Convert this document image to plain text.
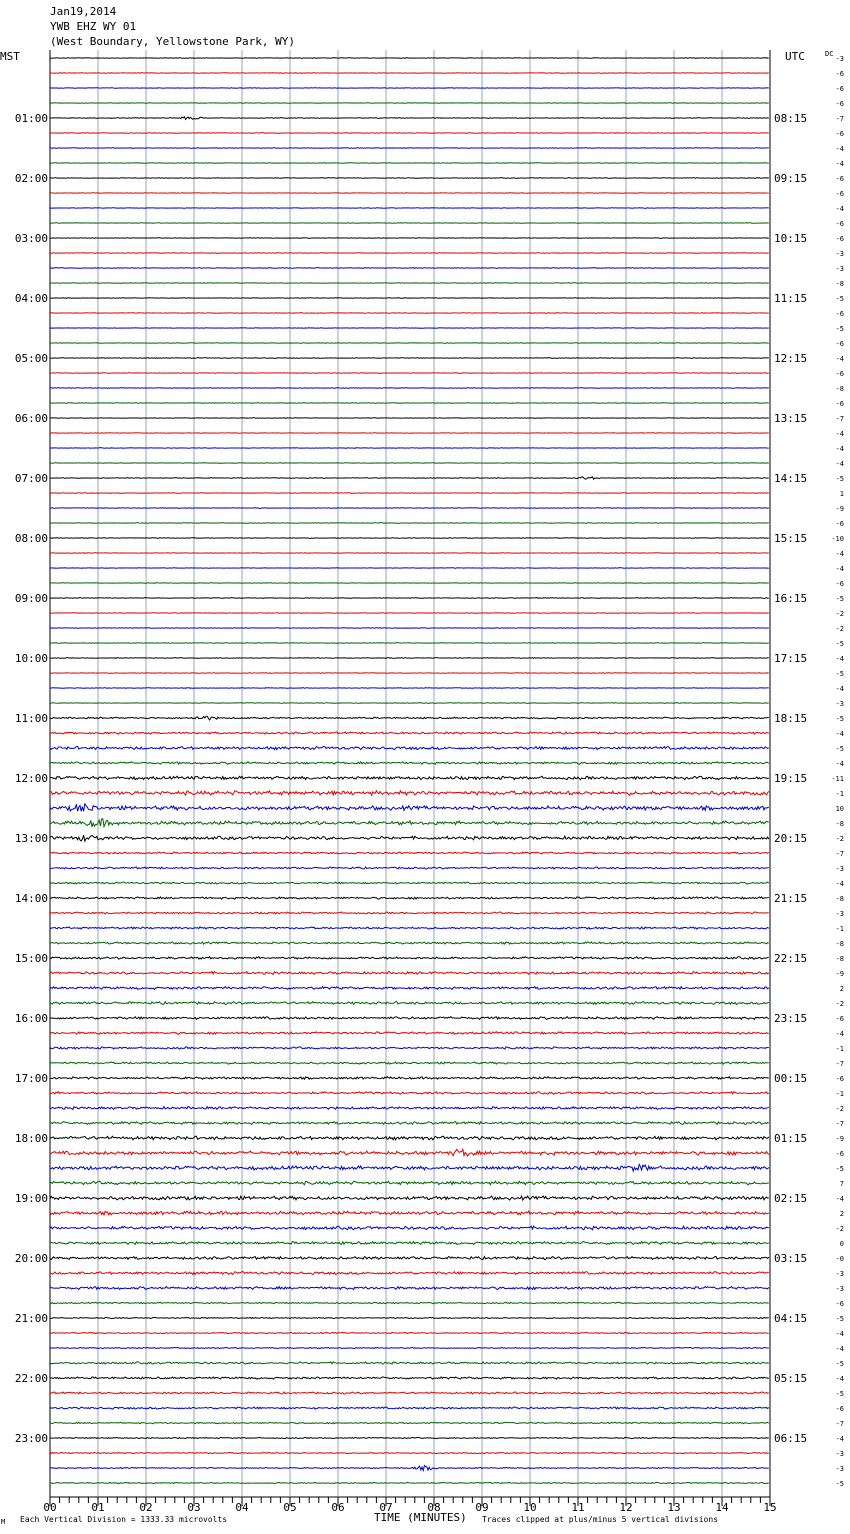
Jan19,2014
YWB EHZ WY 01
(West Boundary, Yellowstone Park, WY)
MST	UTC
00	01	02	03	04	05	06	07	08	09	10	11	12	13	14	15
-3
-6
-6
-6
-7
-6
-4
-4
-6
-6
-4
-6
-6
-3
-3
-8
-5
-6
-5
-6
-4
-6
-8
-6
-7
-4
-4
-4
-5
1
-9
-6
-10
-4
-4
-6
-5
-2
-2
-5
-4
-5
-4
-3
-5
-4
-5
-4
-11
-1
10
-8
-2
-7
-3
-4
-8
-3
-1
-8
-8
-9
2
-2
-6
-4
-1
-7
-6
-1
-2
-7
-9
-6
-5
7
-4
2
-2
0
-0
-3
-3
-6
-5
-4
-4
-5
-4
-5
-6
-7
-4
-3
-3
-5
DC
01:00
02:00
03:00
04:00
05:00
06:00
07:00
08:00
09:00
10:00
11:00
12:00
13:00
14:00
15:00
16:00
17:00
18:00
19:00
20:00
21:00
22:00
23:00
08:15
09:15
10:15
11:15
12:15
13:15
14:15
15:15
16:15
17:15
18:15
19:15
20:15
21:15
22:15
23:15
00:15
01:15
02:15
03:15
04:15
05:15
06:15
TIME (MINUTES)
Each Vertical Division = 1333.33 microvolts	Traces clipped at plus/minus 5 vertical divisions
M
